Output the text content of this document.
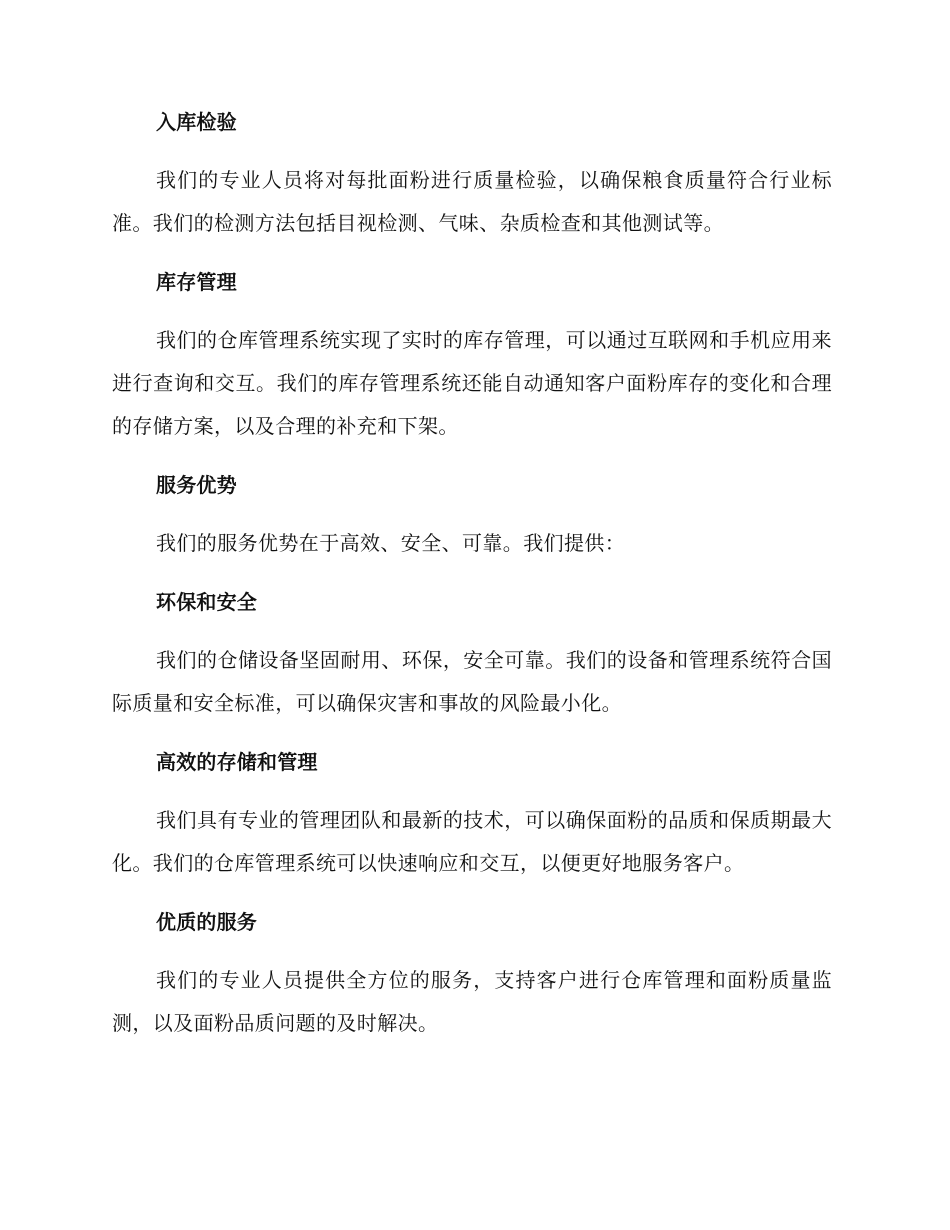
入库检验

我们的专业人员将对每批面粉进行质量检验，以确保粮食质量符合行业标准。我们的检测方法包括目视检测、气味、杂质检查和其他测试等。

库存管理

我们的仓库管理系统实现了实时的库存管理，可以通过互联网和手机应用来进行查询和交互。我们的库存管理系统还能自动通知客户面粉库存的变化和合理的存储方案，以及合理的补充和下架。

服务优势

我们的服务优势在于高效、安全、可靠。我们提供：

环保和安全

我们的仓储设备坚固耐用、环保，安全可靠。我们的设备和管理系统符合国际质量和安全标准，可以确保灾害和事故的风险最小化。

高效的存储和管理

我们具有专业的管理团队和最新的技术，可以确保面粉的品质和保质期最大化。我们的仓库管理系统可以快速响应和交互，以便更好地服务客户。

优质的服务

我们的专业人员提供全方位的服务，支持客户进行仓库管理和面粉质量监测，以及面粉品质问题的及时解决。
